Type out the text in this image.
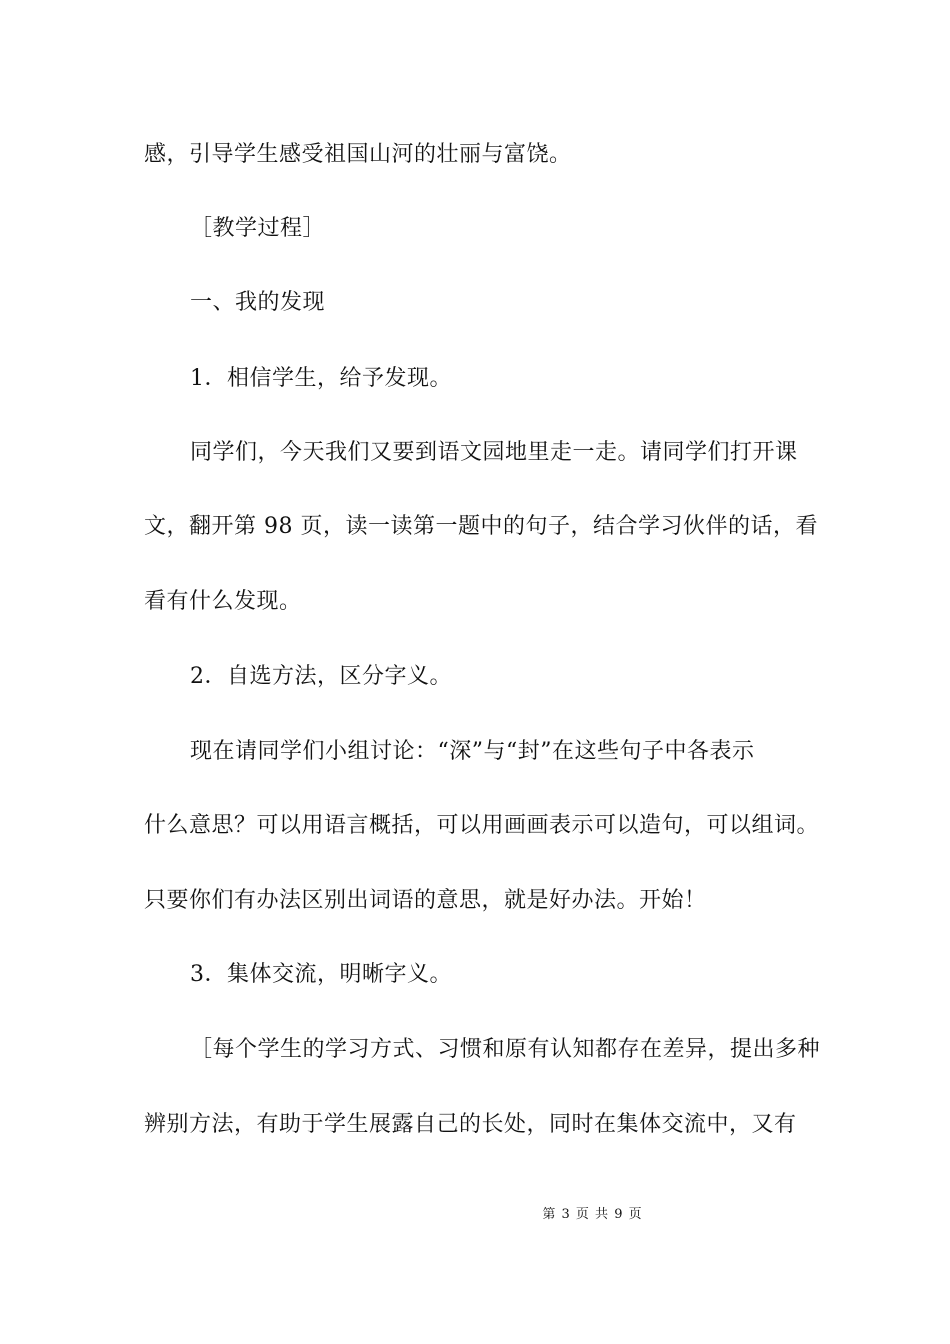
感，引导学生感受祖国山河的壮丽与富饶。
［教学过程］
一、我的发现
1．相信学生，给予发现。
同学们，今天我们又要到语文园地里走一走。请同学们打开课
文，翻开第 98 页，读一读第一题中的句子，结合学习伙伴的话，看
看有什么发现。
2．自选方法，区分字义。
现在请同学们小组讨论：“深”与“封”在这些句子中各表示
什么意思？可以用语言概括，可以用画画表示可以造句，可以组词。
只要你们有办法区别出词语的意思，就是好办法。开始！
3．集体交流，明晰字义。
［每个学生的学习方式、习惯和原有认知都存在差异，提出多种
辨别方法，有助于学生展露自己的长处，同时在集体交流中，又有
第 3 页 共 9 页
